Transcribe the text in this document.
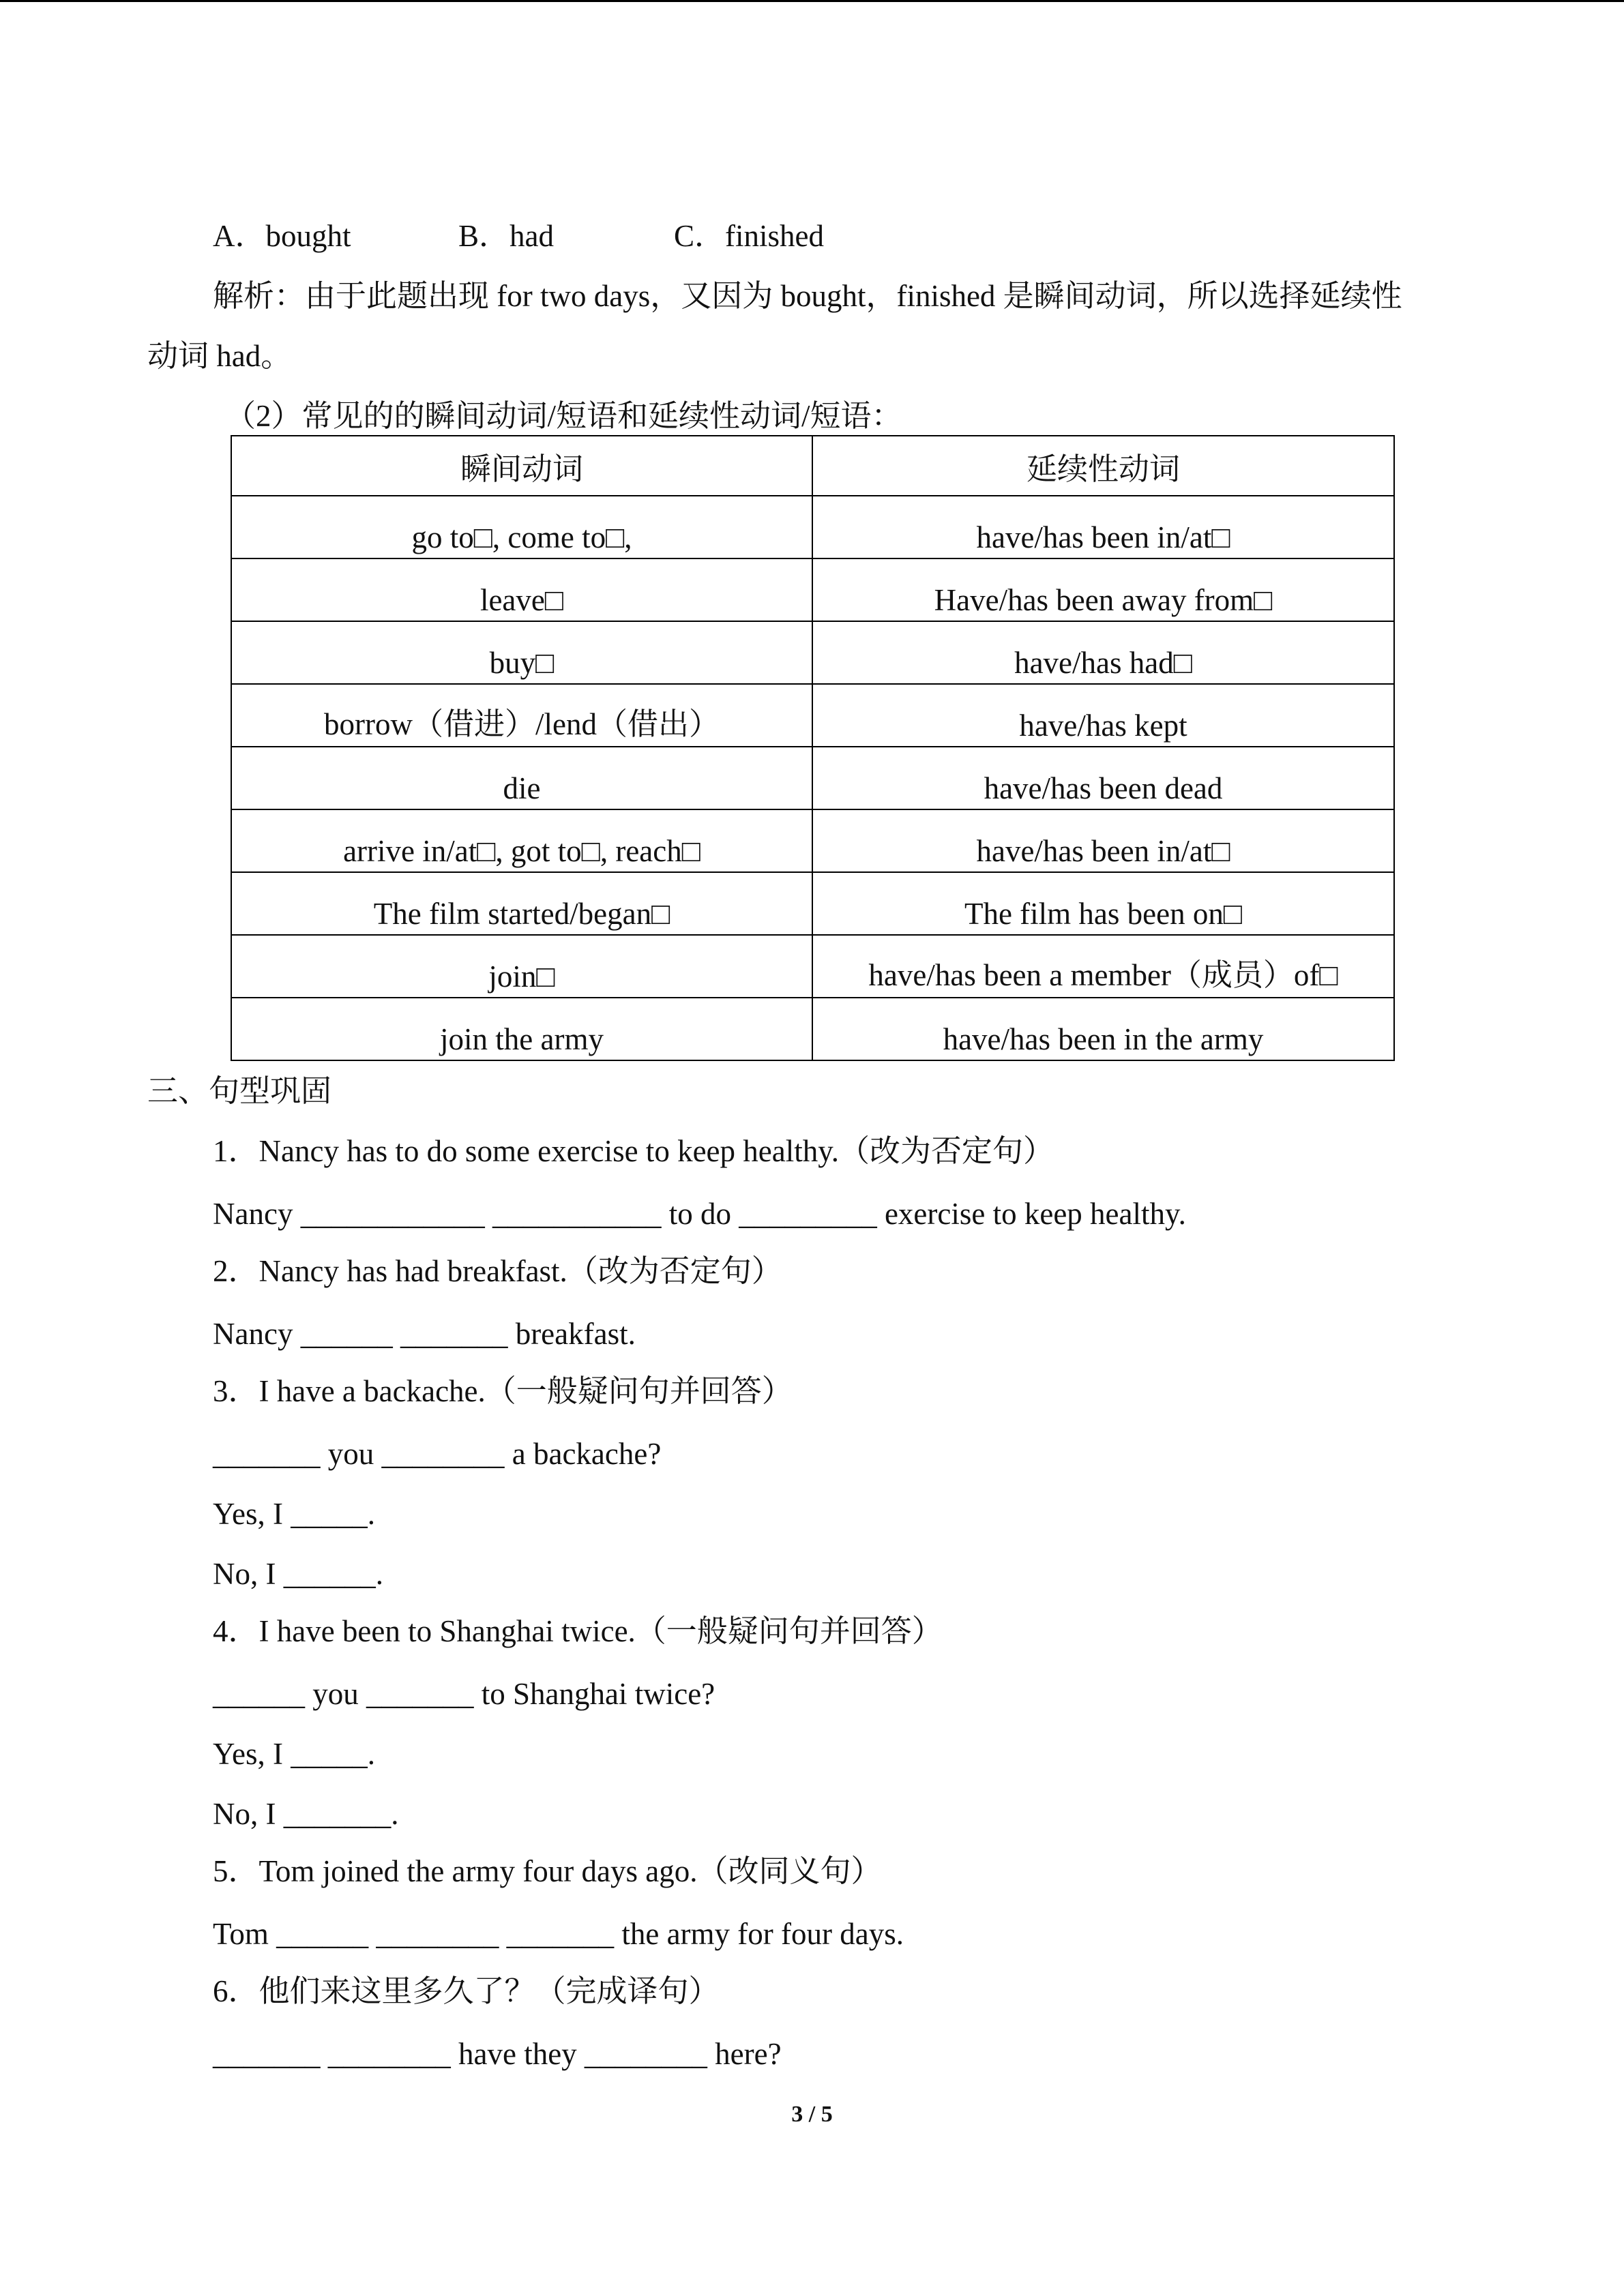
A．bought	B．had	C．finished

解析：由于此题出现 for two days，又因为 bought，finished 是瞬间动词，所以选择延续性

动词 had。

（2）常见的的瞬间动词/短语和延续性动词/短语：

瞬间动词	延续性动词
go to□, come to□,	have/has been in/at□
leave□	Have/has been away from□
buy□	have/has had□
borrow（借进）/lend（借出）	have/has kept
die	have/has been dead
arrive in/at□, got to□, reach□	have/has been in/at□
The film started/began□	The film has been on□
join□	have/has been a member（成员）of□
join the army	have/has been in the army

三、句型巩固

1．Nancy has to do some exercise to keep healthy.（改为否定句）

Nancy ____________ ___________ to do _________ exercise to keep healthy.

2．Nancy has had breakfast.（改为否定句）

Nancy ______ _______ breakfast.

3．I have a backache.（一般疑问句并回答）

_______ you ________ a backache?

Yes, I _____.

No, I ______.

4．I have been to Shanghai twice.（一般疑问句并回答）

______ you _______ to Shanghai twice?

Yes, I _____.

No, I _______.

5．Tom joined the army four days ago.（改同义句）

Tom ______ ________ _______ the army for four days.

6．他们来这里多久了？（完成译句）

_______ ________ have they ________ here?

3 / 5
